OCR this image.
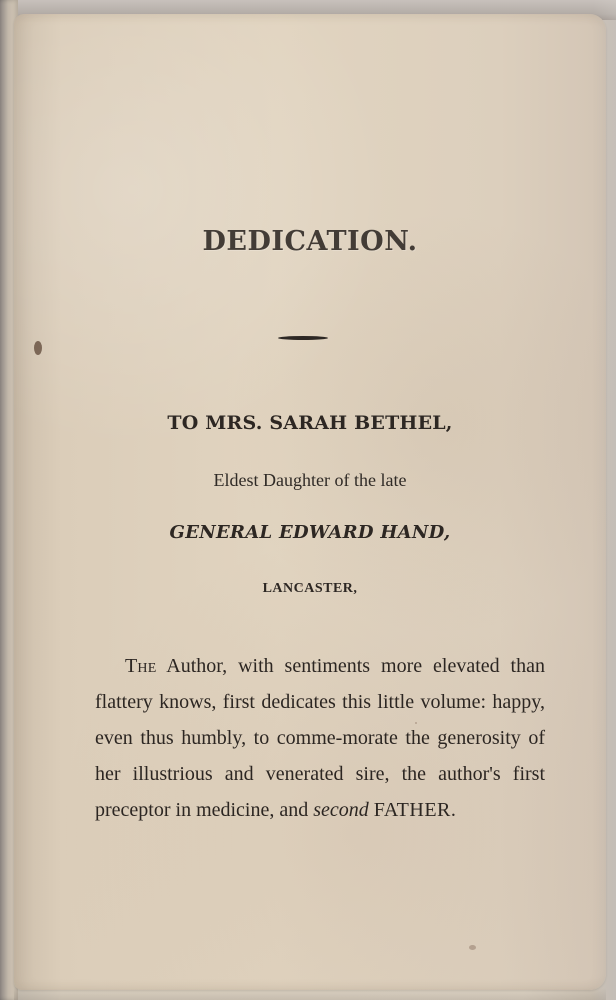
DEDICATION.
TO MRS. SARAH BETHEL,
Eldest Daughter of the late
GENERAL EDWARD HAND,
LANCASTER,

The Author, with sentiments more elevated than flattery knows, first dedicates this little volume: happy, even thus humbly, to comme-morate the generosity of her illustrious and venerated sire, the author's first preceptor in medicine, and second FATHER.
